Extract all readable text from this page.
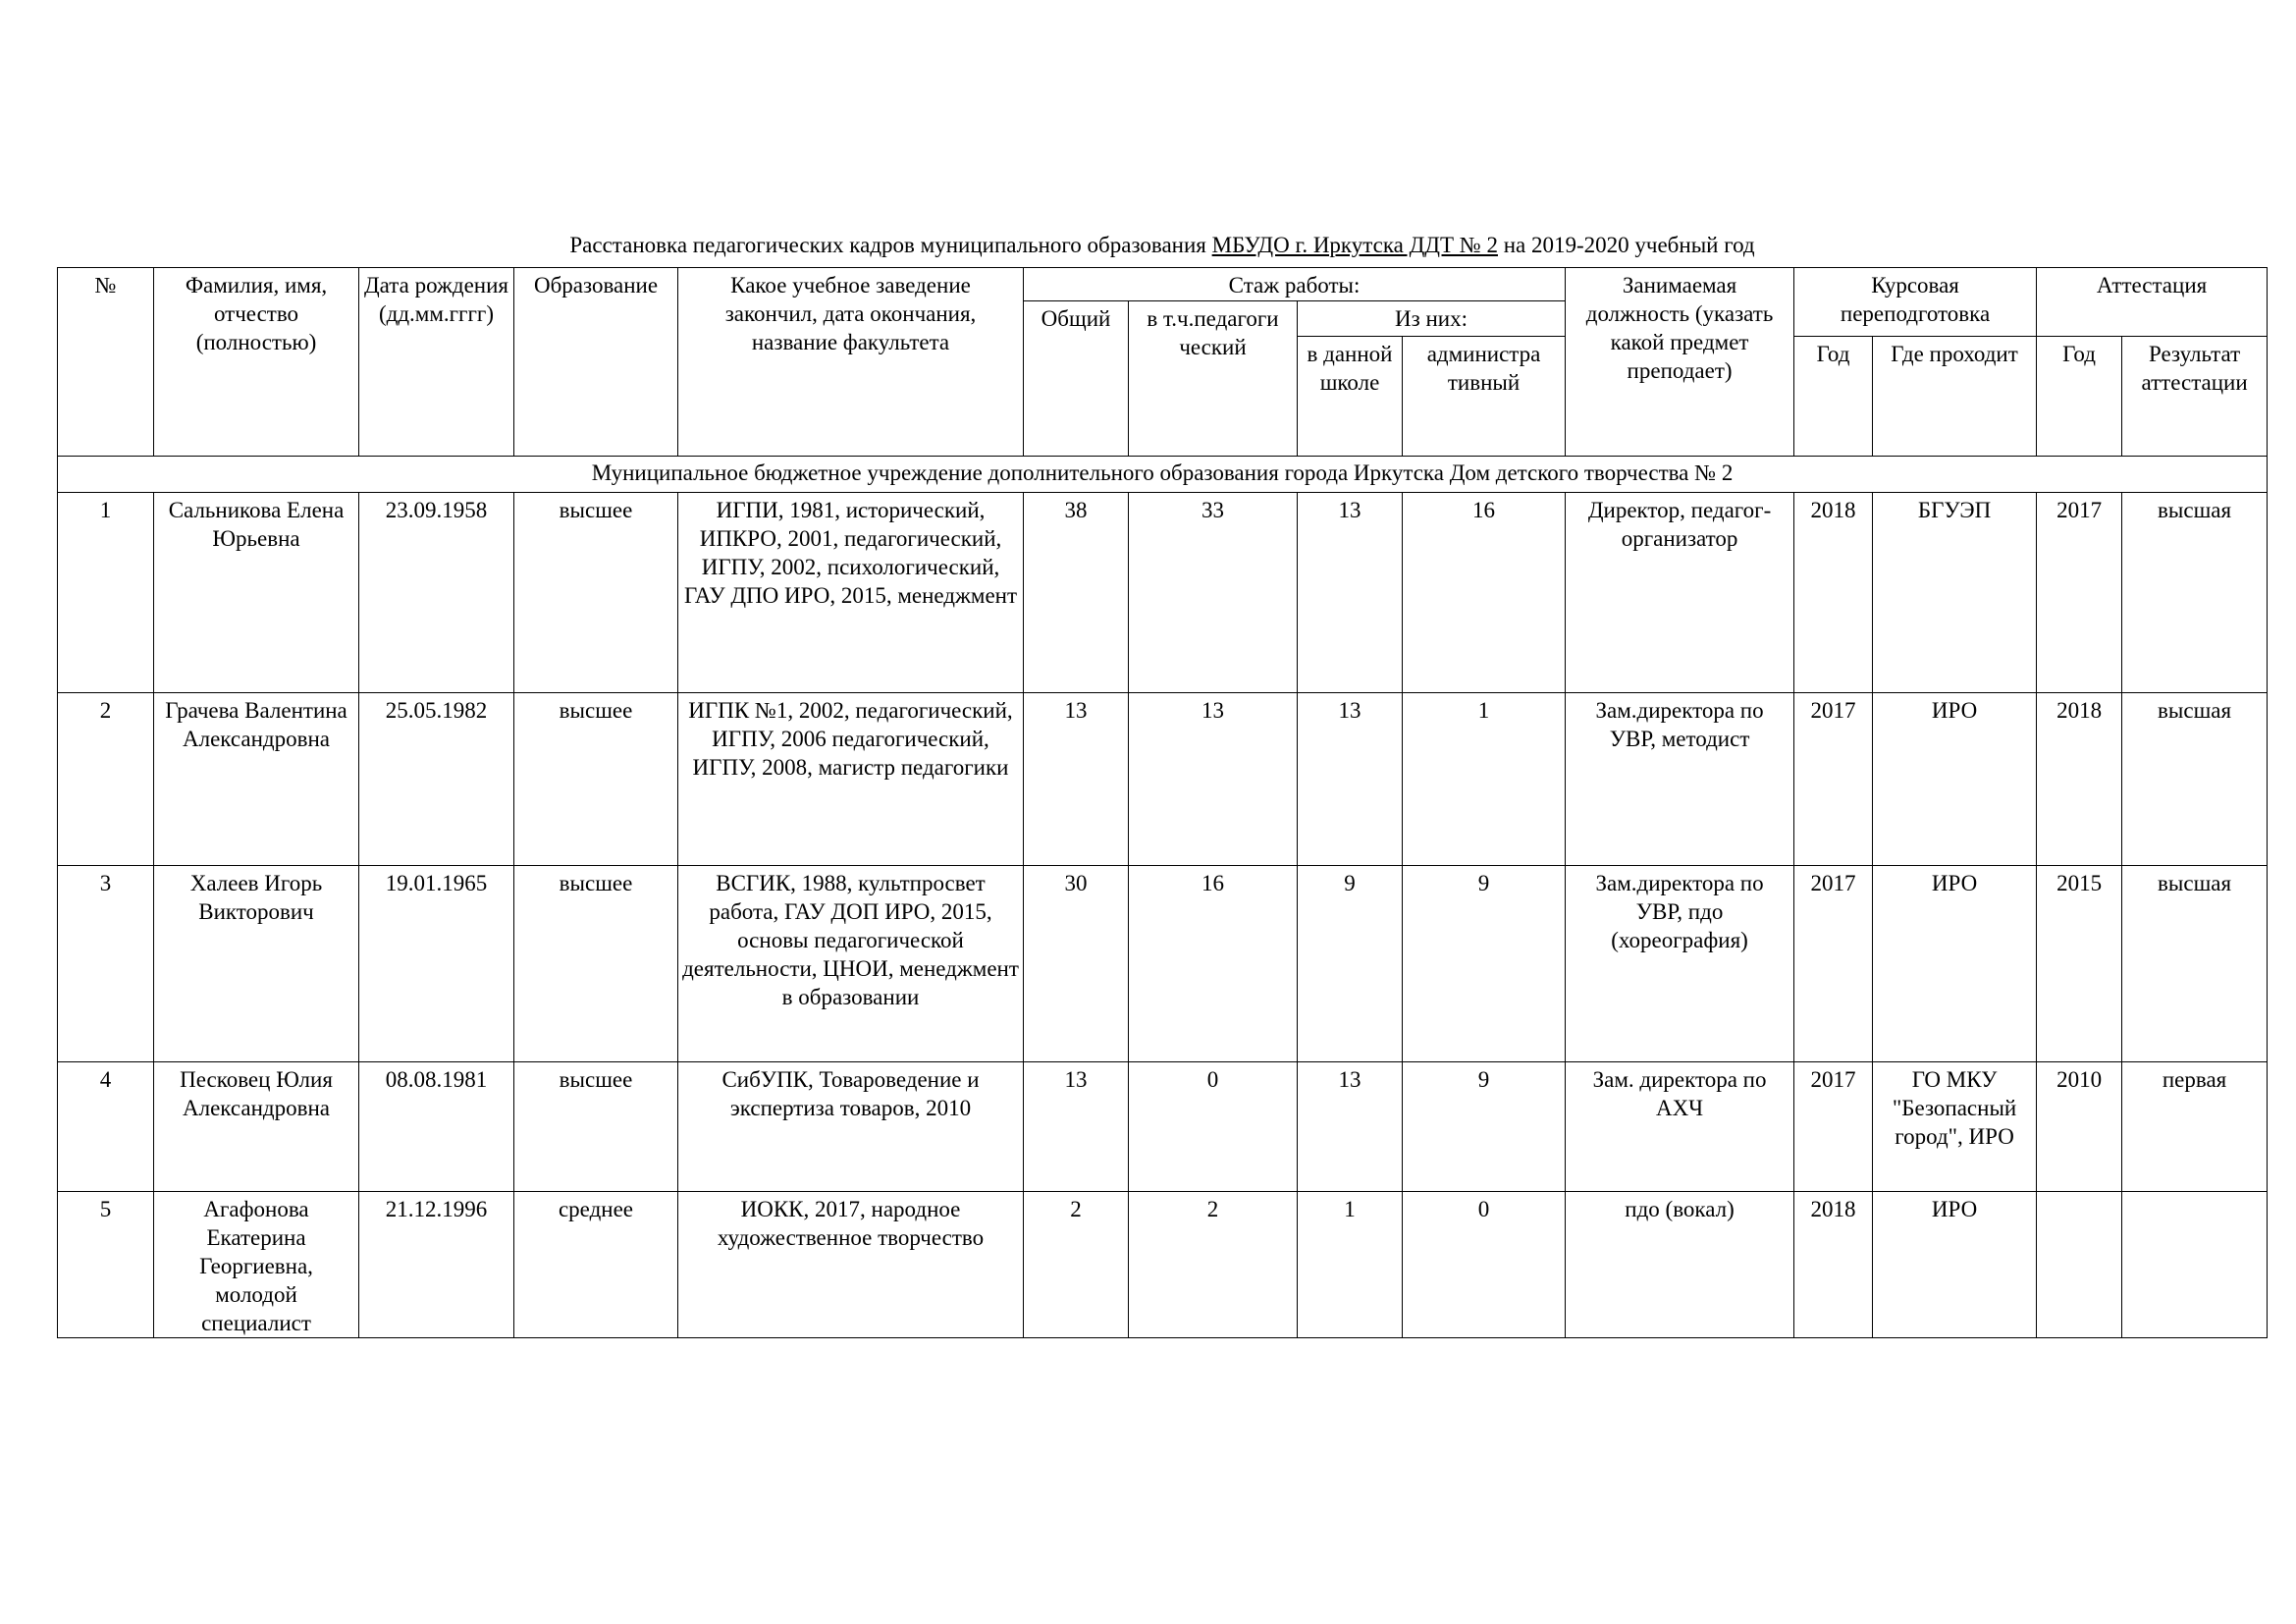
Расстановка педагогических кадров муниципального образования МБУДО г. Иркутска ДДТ № 2 на 2019-2020 учебный год
№	Фамилия, имя, отчество (полностью)	Дата рождения (дд.мм.гггг)	Образование	Какое учебное заведение закончил, дата окончания, название факультета	Стаж работы:				Занимаемая должность (указать какой предмет преподает)	Курсовая переподготовка		Аттестация	
					Общий	в т.ч.педагоги ческий	Из них:						
							в данной школе	администра тивный		Год	Где проходит	Год	Результат аттестации
Муниципальное бюджетное учреждение дополнительного образования города Иркутска Дом детского творчества № 2													
1	Сальникова Елена Юрьевна	23.09.1958	высшее	ИГПИ, 1981, исторический, ИПКРО, 2001, педагогический, ИГПУ, 2002, психологический, ГАУ ДПО ИРО, 2015, менеджмент	38	33	13	16	Директор, педагог-организатор	2018	БГУЭП	2017	высшая
2	Грачева Валентина Александровна	25.05.1982	высшее	ИГПК №1, 2002, педагогический, ИГПУ, 2006 педагогический, ИГПУ, 2008, магистр педагогики	13	13	13	1	Зам.директора по УВР, методист	2017	ИРО	2018	высшая
3	Халеев Игорь Викторович	19.01.1965	высшее	ВСГИК, 1988, культпросвет работа, ГАУ ДОП ИРО, 2015, основы педагогической деятельности, ЦНОИ, менеджмент в образовании	30	16	9	9	Зам.директора по УВР, пдо (хореография)	2017	ИРО	2015	высшая
4	Песковец Юлия Александровна	08.08.1981	высшее	СибУПК, Товароведение и экспертиза товаров, 2010	13	0	13	9	Зам. директора по АХЧ	2017	ГО МКУ "Безопасный город", ИРО	2010	первая
5	Агафонова Екатерина Георгиевна, молодой специалист	21.12.1996	среднее	ИОКК, 2017, народное художественное творчество	2	2	1	0	пдо (вокал)	2018	ИРО		
